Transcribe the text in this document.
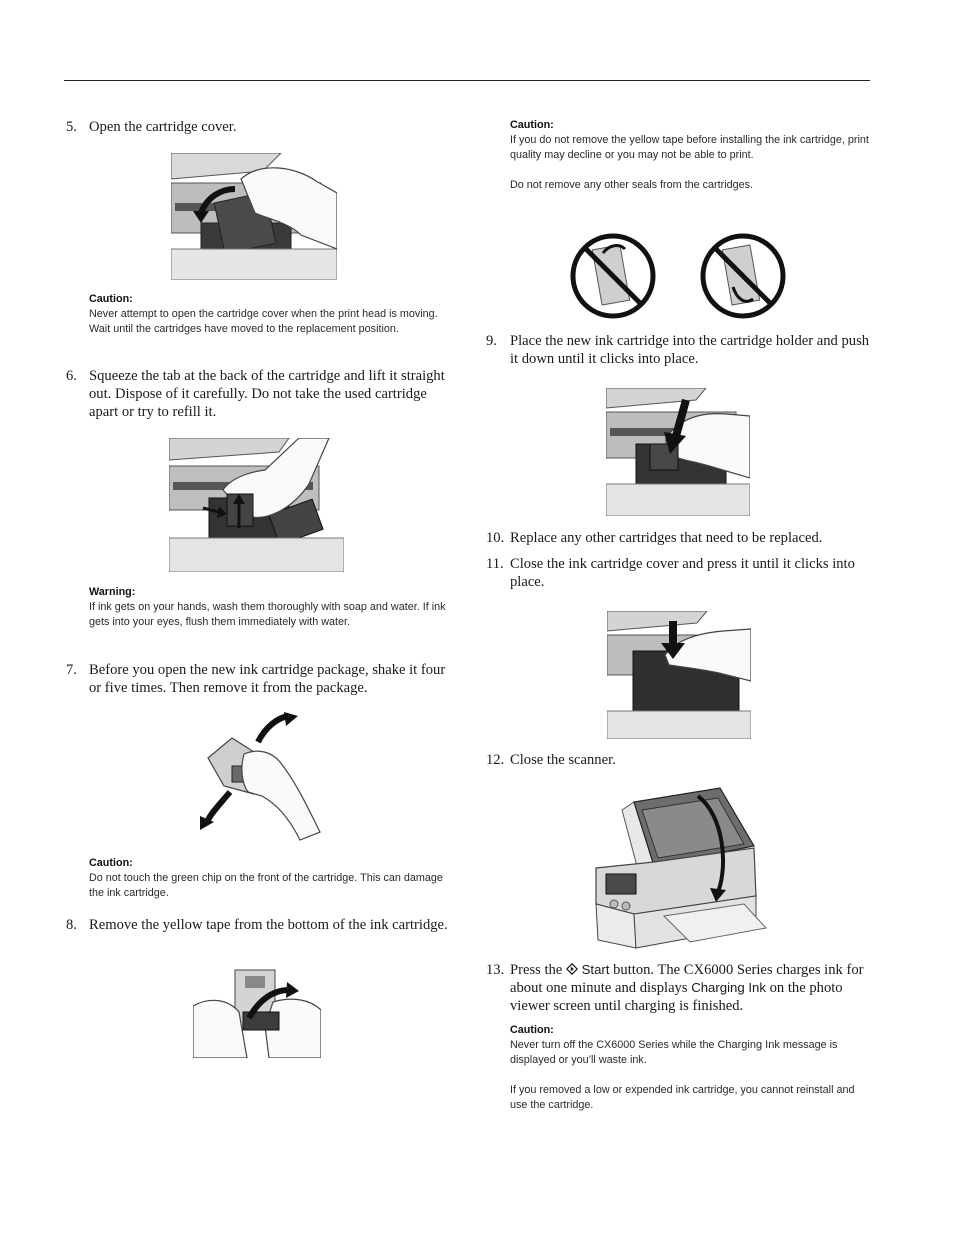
5. Open the cartridge cover.
Caution:

Never attempt to open the cartridge cover when the print head is moving. Wait until the cartridges have moved to the replacement position.

6. Squeeze the tab at the back of the cartridge and lift it straight out. Dispose of it carefully. Do not take the used cartridge apart or try to refill it.
Warning:

If ink gets on your hands, wash them thoroughly with soap and water. If ink gets into your eyes, flush them immediately with water.

7. Before you open the new ink cartridge package, shake it four or five times. Then remove it from the package.
Caution:

Do not touch the green chip on the front of the cartridge. This can damage the ink cartridge.

8. Remove the yellow tape from the bottom of the ink cartridge.
Caution:

If you do not remove the yellow tape before installing the ink cartridge, print quality may decline or you may not be able to print.

Do not remove any other seals from the cartridges.

9. Place the new ink cartridge into the cartridge holder and push it down until it clicks into place.
10. Replace any other cartridges that need to be replaced.
11. Close the ink cartridge cover and press it until it clicks into place.
12. Close the scanner.
13. Press the Start button. The CX6000 Series charges ink for about one minute and displays Charging Ink on the photo viewer screen until charging is finished.
Caution:

Never turn off the CX6000 Series while the Charging Ink message is displayed or you’ll waste ink.

If you removed a low or expended ink cartridge, you cannot reinstall and use the cartridge.
